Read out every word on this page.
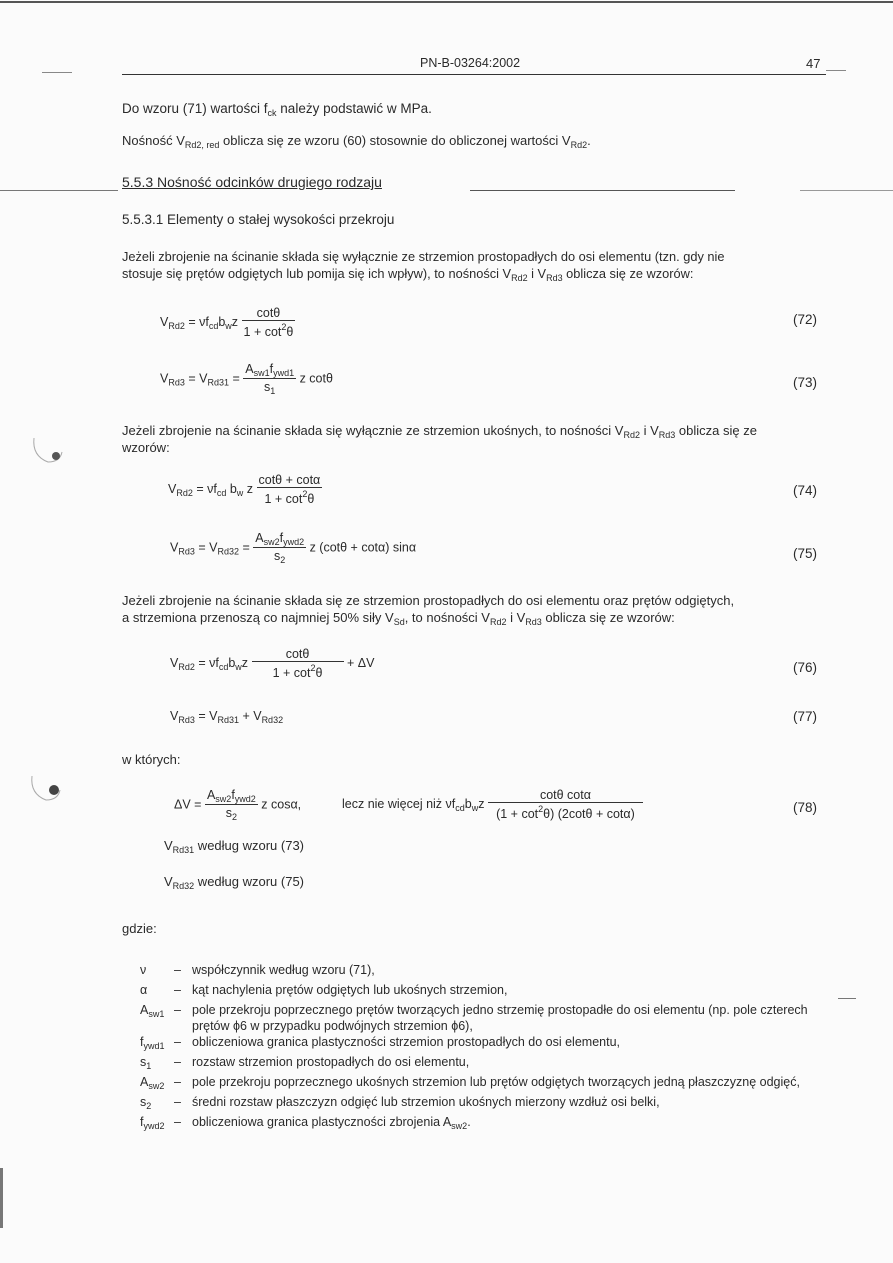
PN-B-03264:2002	47
Do wzoru (71) wartości $f_{ck}$ należy podstawić w MPa.
Nośność $V_{Rd2, red}$ oblicza się ze wzoru (60) stosownie do obliczonej wartości $V_{Rd2}$.
5.5.3 Nośność odcinków drugiego rodzaju
5.5.3.1 Elementy o stałej wysokości przekroju
Jeżeli zbrojenie na ścinanie składa się wyłącznie ze strzemion prostopadłych do osi elementu (tzn. gdy nie
stosuje się prętów odgiętych lub pomija się ich wpływ), to nośności $V_{Rd2}$ i $V_{Rd3}$ oblicza się ze wzorów:
$V_{Rd2} = \nu f_{cd}b_wz \frac{\cot\theta}{1 + \cot^2\theta}$	(72)
$V_{Rd3} = V_{Rd31} = \frac{A_{sw1}f_{ywd1}}{s_1}$ z cotθ	(73)
Jeżeli zbrojenie na ścinanie składa się wyłącznie ze strzemion ukośnych, to nośności $V_{Rd2}$ i $V_{Rd3}$ oblicza się ze
wzorów:
$V_{Rd2} = \nu f_{cd}$ $b_w$ z $\frac{\cot\theta + \cot\alpha}{1 + \cot^2\theta}$	(74)
$V_{Rd3} = V_{Rd32} = \frac{A_{sw2}f_{ywd2}}{s_2}$ z (cotθ + cotα) sinα	(75)
Jeżeli zbrojenie na ścinanie składa się ze strzemion prostopadłych do osi elementu oraz prętów odgiętych,
a strzemiona przenoszą co najmniej 50% siły $V_{Sd}$, to nośności $V_{Rd2}$ i $V_{Rd3}$ oblicza się ze wzorów:
$V_{Rd2} = \nu f_{cd}b_wz \frac{\cot\theta}{1 + \cot^2\theta} + \Delta V$	(76)
$V_{Rd3} = V_{Rd31} + V_{Rd32}$	(77)
w których:
$\Delta V = \frac{A_{sw2}f_{ywd2}}{s_2}$ z cosα,	lecz nie więcej niż $\nu f_{cd}b_wz \frac{\text{cotθ cotα}}{(1 + \cot^2\theta) (2\cot\theta + \cot\alpha)}$	(78)
$V_{Rd31}$ według wzoru (73)
$V_{Rd32}$ według wzoru (75)
gdzie:
ν	– współczynnik według wzoru (71),
α	– kąt nachylenia prętów odgiętych lub ukośnych strzemion,
$A_{sw1}$ – pole przekroju poprzecznego prętów tworzących jedno strzemię prostopadłe do osi elementu (np. pole czterech prętów ϕ6 w przypadku podwójnych strzemion ϕ6),
$f_{ywd1}$ – obliczeniowa granica plastyczności strzemion prostopadłych do osi elementu,
$s_1$	– rozstaw strzemion prostopadłych do osi elementu,
$A_{sw2}$ – pole przekroju poprzecznego ukośnych strzemion lub prętów odgiętych tworzących jedną płaszczyznę odgięć,
$s_2$	– średni rozstaw płaszczyzn odgięć lub strzemion ukośnych mierzony wzdłuż osi belki,
$f_{ywd2}$ – obliczeniowa granica plastyczności zbrojenia $A_{sw2}$.
